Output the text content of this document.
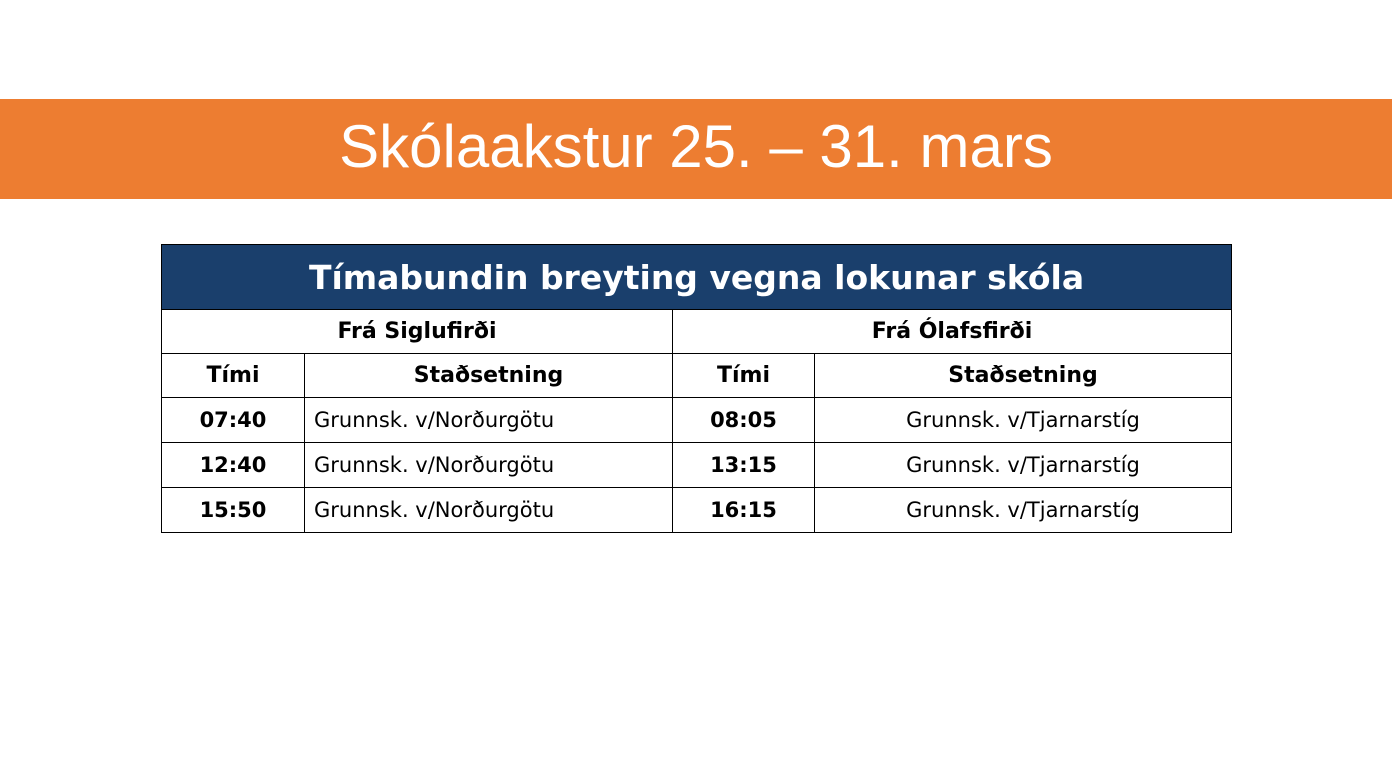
Skólaakstur 25. – 31. mars
Tímabundin breyting vegna lokunar skóla			
Frá Siglufirði		Frá Ólafsfirði	
Tími	Staðsetning	Tími	Staðsetning
07:40	Grunnsk. v/Norðurgötu	08:05	Grunnsk. v/Tjarnarstíg
12:40	Grunnsk. v/Norðurgötu	13:15	Grunnsk. v/Tjarnarstíg
15:50	Grunnsk. v/Norðurgötu	16:15	Grunnsk. v/Tjarnarstíg
